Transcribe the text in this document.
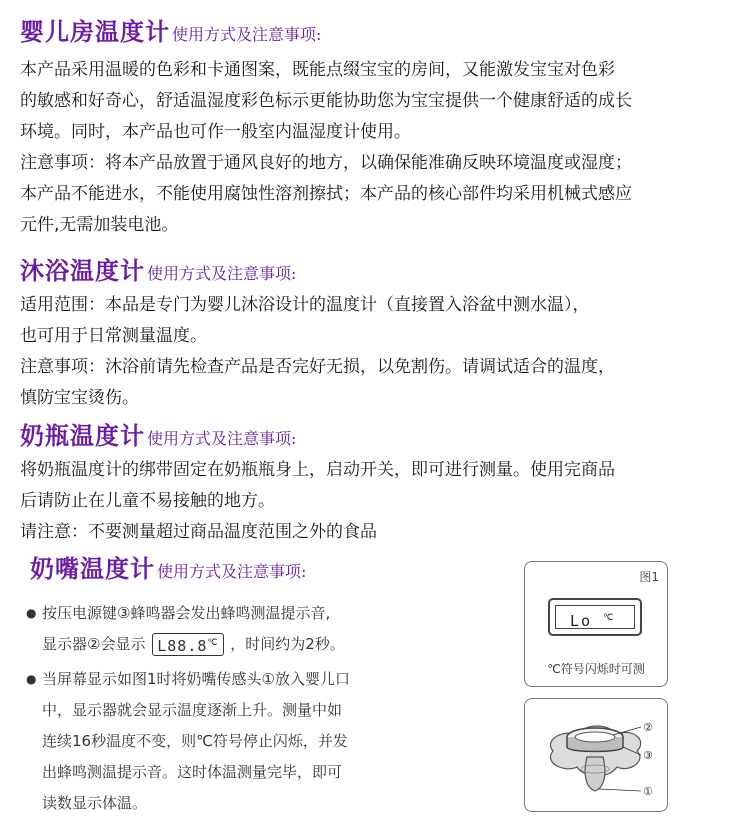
婴儿房温度计 使用方式及注意事项:

本产品采用温暖的色彩和卡通图案，既能点缀宝宝的房间，又能激发宝宝对色彩

的敏感和好奇心，舒适温湿度彩色标示更能协助您为宝宝提供一个健康舒适的成长

环境。同时，本产品也可作一般室内温湿度计使用。

注意事项：将本产品放置于通风良好的地方，以确保能准确反映环境温度或湿度；

本产品不能进水，不能使用腐蚀性溶剂擦拭；本产品的核心部件均采用机械式感应

元件,无需加装电池。

沐浴温度计 使用方式及注意事项:

适用范围：本品是专门为婴儿沐浴设计的温度计（直接置入浴盆中测水温），

也可用于日常测量温度。

注意事项：沐浴前请先检查产品是否完好无损，以免割伤。请调试适合的温度，

慎防宝宝烫伤。

奶瓶温度计 使用方式及注意事项:

将奶瓶温度计的绑带固定在奶瓶瓶身上，启动开关，即可进行测量。使用完商品

后请防止在儿童不易接触的地方。

请注意：不要测量超过商品温度范围之外的食品

奶嘴温度计 使用方式及注意事项:
● 按压电源键③蜂鸣器会发出蜂鸣测温提示音,
显示器②会显示 L88.8℃ ，时间约为2秒。
● 当屏幕显示如图1时将奶嘴传感头①放入婴儿口
中，显示器就会显示温度逐渐上升。测量中如
连续16秒温度不变，则℃符号停止闪烁，并发
出蜂鸣测温提示音。这时体温测量完毕，即可
读数显示体温。
图1
Lo ℃
℃符号闪烁时可测
②
③
①
